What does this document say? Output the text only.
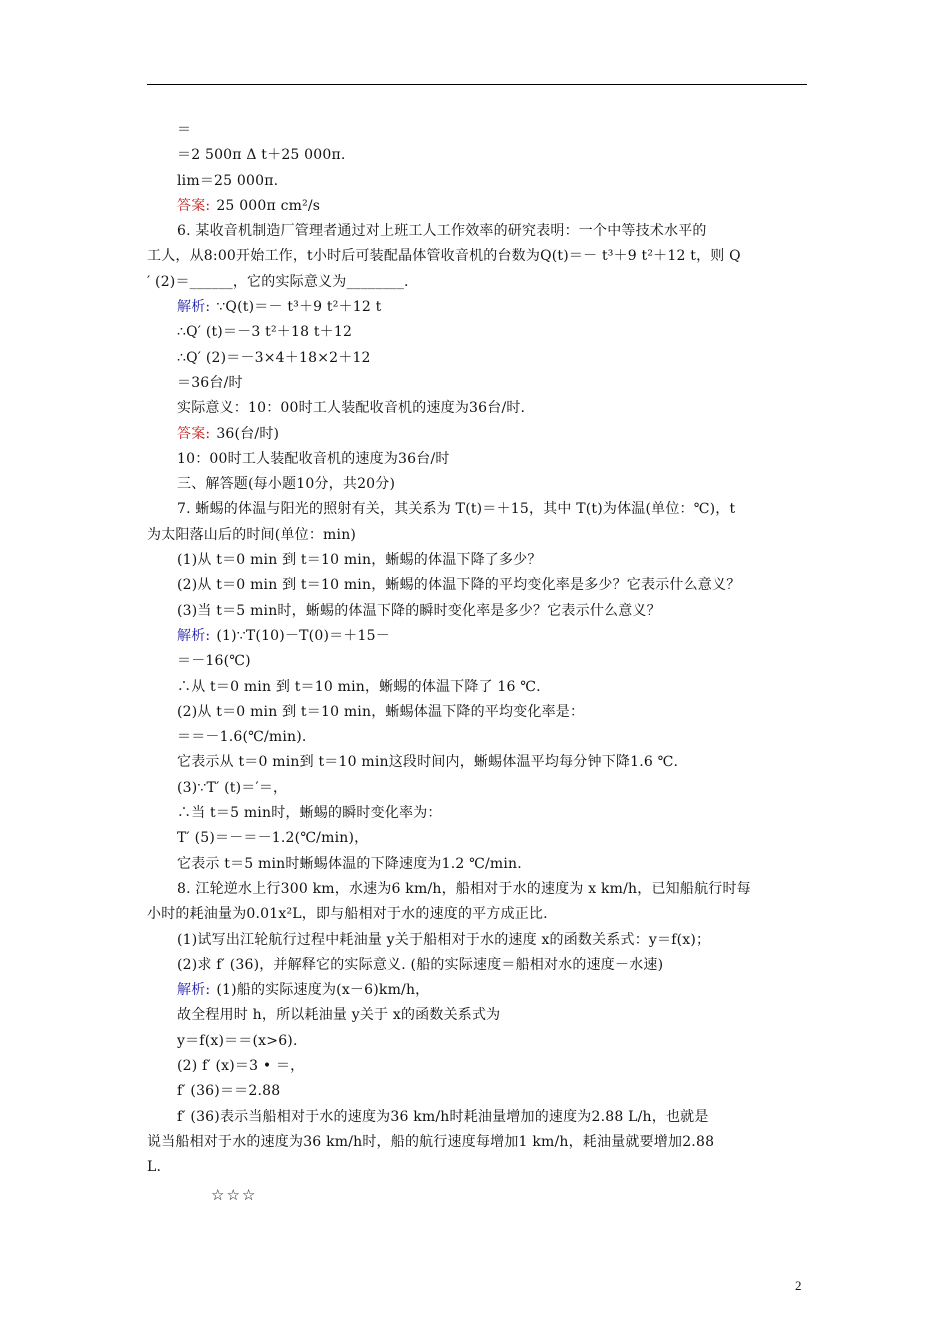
＝
＝2 500π Δ t＋25 000π.
lim＝25 000π.
答案: 25 000π cm²/s
6. 某收音机制造厂管理者通过对上班工人工作效率的研究表明：一个中等技术水平的
工人，从8:00开始工作，t小时后可装配晶体管收音机的台数为Q(t)＝－ t³＋9 t²＋12 t，则 Q
′ (2)＝______，它的实际意义为________.
解析: ∵Q(t)＝－ t³＋9 t²＋12 t
∴Q′ (t)＝－3 t²＋18 t＋12
∴Q′ (2)＝－3×4＋18×2＋12
＝36台/时
实际意义：10：00时工人装配收音机的速度为36台/时.
答案: 36(台/时)
10：00时工人装配收音机的速度为36台/时
三、解答题(每小题10分，共20分)
7. 蜥蜴的体温与阳光的照射有关，其关系为 T(t)＝＋15，其中 T(t)为体温(单位：℃)，t
为太阳落山后的时间(单位：min)
(1)从 t＝0 min 到 t＝10 min，蜥蜴的体温下降了多少？
(2)从 t＝0 min 到 t＝10 min，蜥蜴的体温下降的平均变化率是多少？它表示什么意义？
(3)当 t＝5 min时，蜥蜴的体温下降的瞬时变化率是多少？它表示什么意义？
解析: (1)∵T(10)－T(0)＝＋15－
＝－16(℃)
∴从 t＝0 min 到 t＝10 min，蜥蜴的体温下降了 16 ℃.
(2)从 t＝0 min 到 t＝10 min，蜥蜴体温下降的平均变化率是：
＝＝－1.6(℃/min).
它表示从 t＝0 min到 t＝10 min这段时间内，蜥蜴体温平均每分钟下降1.6 ℃.
(3)∵T′ (t)＝′＝，
∴当 t＝5 min时，蜥蜴的瞬时变化率为：
T′ (5)＝－＝－1.2(℃/min)，
它表示 t＝5 min时蜥蜴体温的下降速度为1.2 ℃/min.
8. 江轮逆水上行300 km，水速为6 km/h，船相对于水的速度为 x km/h，已知船航行时每
小时的耗油量为0.01x²L，即与船相对于水的速度的平方成正比.
(1)试写出江轮航行过程中耗油量 y关于船相对于水的速度 x的函数关系式：y＝f(x)；
(2)求 f′ (36)，并解释它的实际意义. (船的实际速度＝船相对水的速度－水速)
解析: (1)船的实际速度为(x－6)km/h，
故全程用时 h，所以耗油量 y关于 x的函数关系式为
y＝f(x)＝＝(x>6).
(2) f′ (x)＝3 • ＝，
f′ (36)＝＝2.88
f′ (36)表示当船相对于水的速度为36 km/h时耗油量增加的速度为2.88 L/h，也就是
说当船相对于水的速度为36 km/h时，船的航行速度每增加1 km/h，耗油量就要增加2.88
L.
☆☆☆
2
